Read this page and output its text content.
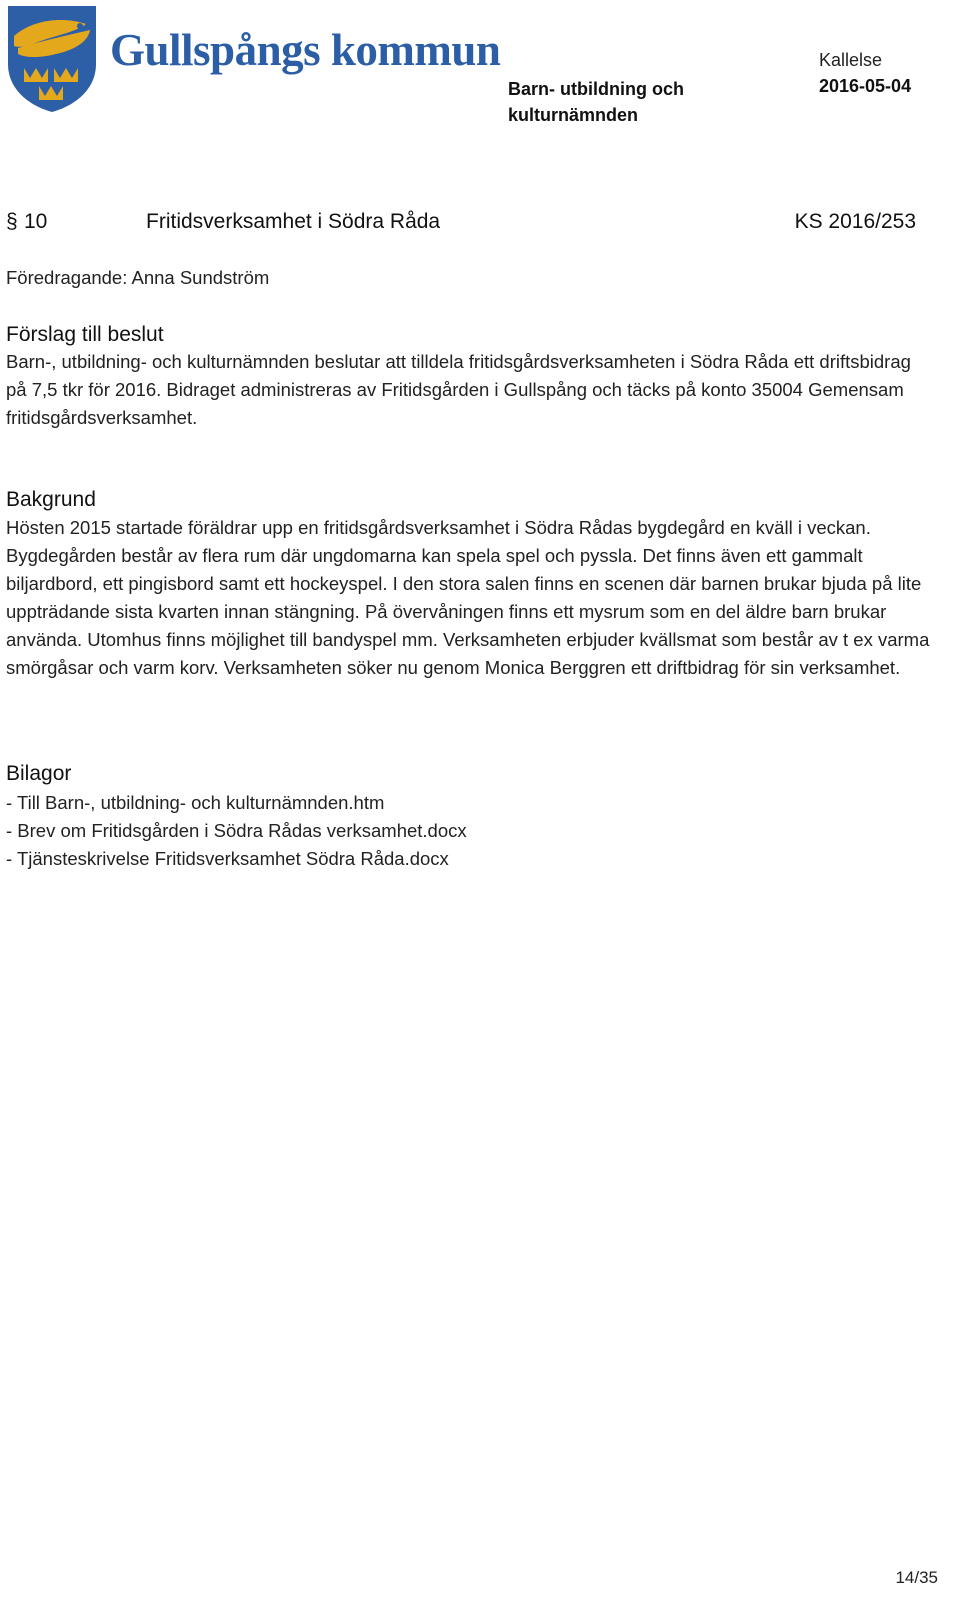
Gullspångs kommun	Kallelse
Barn- utbildning och kulturnämnden
2016-05-04
§ 10	Fritidsverksamhet i Södra Råda	KS 2016/253
Föredragande: Anna Sundström
Förslag till beslut
Barn-, utbildning- och kulturnämnden beslutar att tilldela fritidsgårdsverksamheten i Södra Råda ett driftsbidrag på 7,5 tkr för 2016. Bidraget administreras av Fritidsgården i Gullspång och täcks på konto 35004 Gemensam fritidsgårdsverksamhet.
Bakgrund
Hösten 2015 startade föräldrar upp en fritidsgårdsverksamhet i Södra Rådas bygdegård en kväll i veckan. Bygdegården består av flera rum där ungdomarna kan spela spel och pyssla. Det finns även ett gammalt biljardbord, ett pingisbord samt ett hockeyspel. I den stora salen finns en scenen där barnen brukar bjuda på lite uppträdande sista kvarten innan stängning. På övervåningen finns ett mysrum som en del äldre barn brukar använda. Utomhus finns möjlighet till bandyspel mm. Verksamheten erbjuder kvällsmat som består av t ex varma smörgåsar och varm korv. Verksamheten söker nu genom Monica Berggren ett driftbidrag för sin verksamhet.
Bilagor
- Till Barn-, utbildning- och kulturnämnden.htm
- Brev om Fritidsgården i Södra Rådas verksamhet.docx
- Tjänsteskrivelse Fritidsverksamhet Södra Råda.docx
14/35
